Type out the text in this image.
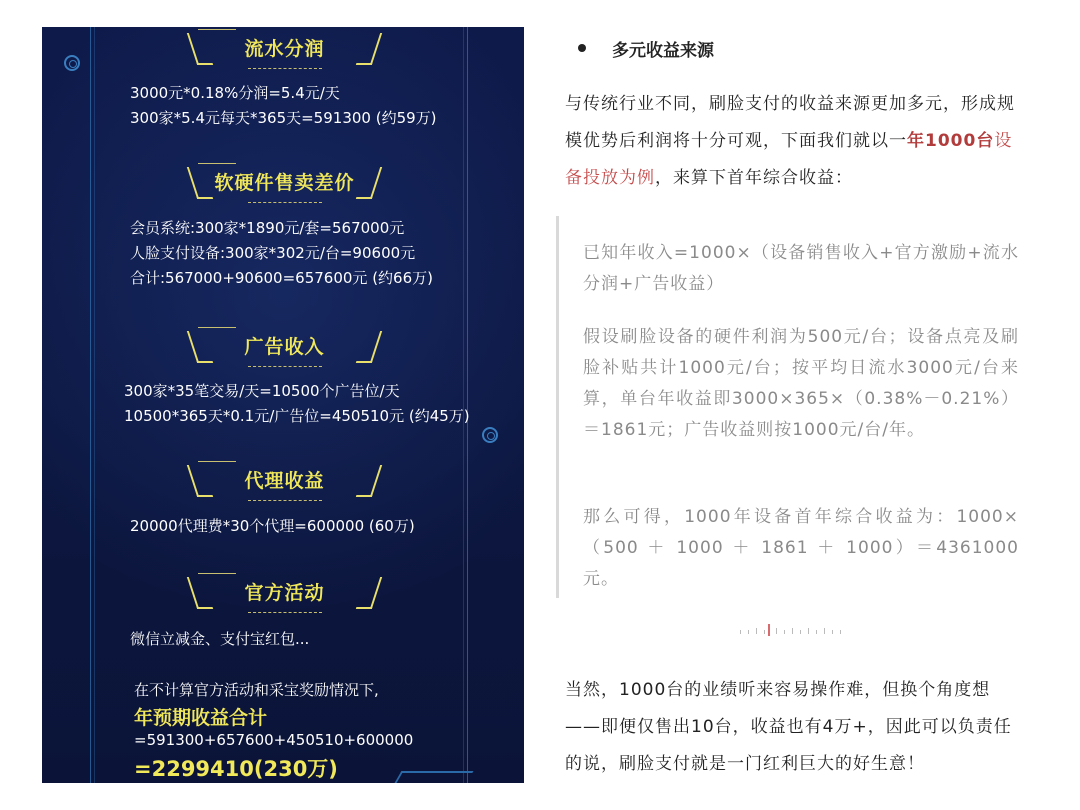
流水分润
3000元*0.18%分润=5.4元/天
300家*5.4元每天*365天=591300 (约59万)
软硬件售卖差价
会员系统:300家*1890元/套=567000元
人脸支付设备:300家*302元/台=90600元
合计:567000+90600=657600元 (约66万)
广告收入
300家*35笔交易/天=10500个广告位/天
10500*365天*0.1元/广告位=450510元 (约45万)
代理收益
20000代理费*30个代理=600000 (60万)
官方活动
微信立减金、支付宝红包...
在不计算官方活动和采宝奖励情况下,
年预期收益合计
=591300+657600+450510+600000
=2299410(230万)
多元收益来源
与传统行业不同，刷脸支付的收益来源更加多元，形成规模优势后利润将十分可观，下面我们就以一年1000台设备投放为例，来算下首年综合收益：
已知年收入=1000×（设备销售收入+官方激励+流水分润+广告收益）
假设刷脸设备的硬件利润为500元/台；设备点亮及刷脸补贴共计1000元/台；按平均日流水3000元/台来算，单台年收益即3000×365×（0.38%－0.21%）＝1861元；广告收益则按1000元/台/年。
那么可得，1000年设备首年综合收益为：1000×（500 ＋ 1000 ＋ 1861 ＋ 1000）＝4361000元。
当然，1000台的业绩听来容易操作难，但换个角度想——即便仅售出10台，收益也有4万+，因此可以负责任的说，刷脸支付就是一门红利巨大的好生意！
